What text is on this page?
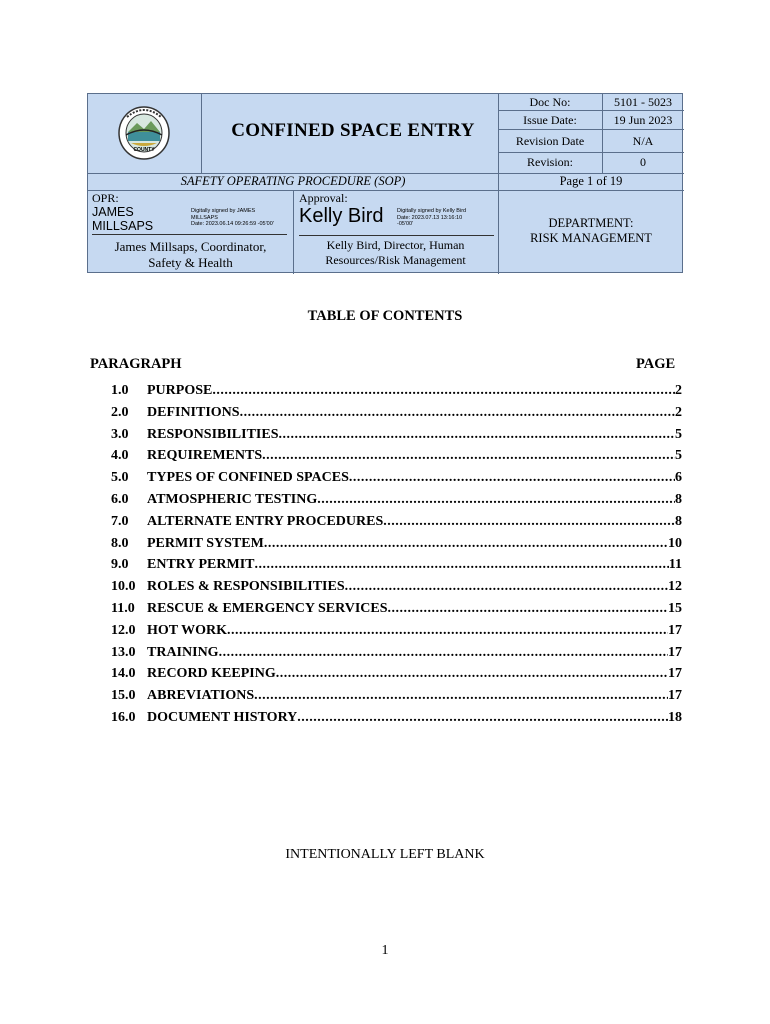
COUNTY
CONFINED SPACE ENTRY
Doc No:	5101 - 5023
Issue Date:	19 Jun 2023
Revision Date	N/A
Revision:	0
SAFETY OPERATING PROCEDURE (SOP)	Page 1 of 19
OPR:
JAMES
MILLSAPS
Digitally signed by JAMES
MILLSAPS
Date: 2023.06.14 09:26:59 -05'00'
James Millsaps, Coordinator,
Safety & Health
Approval:
Kelly Bird Digitally signed by Kelly Bird
Date: 2023.07.13 13:16:10
-05'00'
Kelly Bird, Director, Human
Resources/Risk Management
DEPARTMENT:
RISK MANAGEMENT
TABLE OF CONTENTS
PARAGRAPH	PAGE
1.0	PURPOSE .....	2
2.0	DEFINITIONS .....	2
3.0	RESPONSIBILITIES .....	5
4.0	REQUIREMENTS .....	5
5.0	TYPES OF CONFINED SPACES .....	6
6.0	ATMOSPHERIC TESTING .....	8
7.0	ALTERNATE ENTRY PROCEDURES .....	8
8.0	PERMIT SYSTEM .....	10
9.0	ENTRY PERMIT .....	11
10.0 ROLES & RESPONSIBILITIES .....	12
11.0 RESCUE & EMERGENCY SERVICES .....	15
12.0 HOT WORK .....	17
13.0 TRAINING .....	17
14.0 RECORD KEEPING .....	17
15.0 ABREVIATIONS .....	17
16.0 DOCUMENT HISTORY .....	18
INTENTIONALLY LEFT BLANK
1
